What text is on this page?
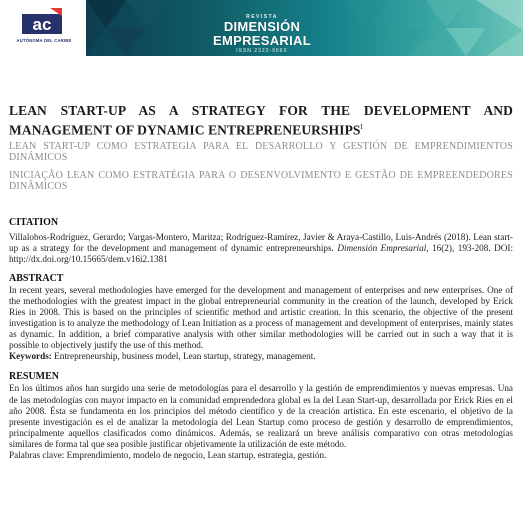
ac
AUTÓNOMA DEL CARIBE
REVISTA
DIMENSIÓN EMPRESARIAL
ISSN 2322-956X
LEAN START-UP AS A STRATEGY FOR THE DEVELOPMENT AND MANAGEMENT OF DYNAMIC $ENTREPRENEURSHIPS^I$

LEAN START-UP COMO ESTRATEGIA PARA EL DESARROLLO Y GESTIÓN DE EMPRENDIMIENTOS DINÁMICOS

INICIAÇÃO LEAN COMO ESTRATÉGIA PARA O DESENVOLVIMENTO E GESTÃO DE EMPREENDEDORES DINÂMICOS

CITATION

Villalobos-Rodríguez, Gerardo; Vargas-Montero, Maritza; Rodríguez-Ramírez, Javier & Araya-Castillo, Luis-Andrés (2018). Lean start-up as a strategy for the development and management of dynamic entrepreneurships. Dimensión Empresarial, 16(2), 193-208. DOI: http://dx.doi.org/10.15665/dem.v16i2.1381

ABSTRACT

In recent years, several methodologies have emerged for the development and management of enterprises and new enterprises. One of the methodologies with the greatest impact in the global entrepreneurial community in the creation of the launch, developed by Erick Ries in 2008. This is based on the principles of scientific method and artistic creation. In this scenario, the objective of the present investigation is to analyze the methodology of Lean Initiation as a process of management and development of enterprises, mainly states as dynamic. In addition, a brief comparative analysis with other similar methodologies will be carried out in such a way that it is possible to objectively justify the use of this method.

Keywords: Entrepreneurship, business model, Lean startup, strategy, management.

RESUMEN

En los últimos años han surgido una serie de metodologías para el desarrollo y la gestión de emprendimientos y nuevas empresas. Una de las metodologías con mayor impacto en la comunidad emprendedora global es la del Lean Start-up, desarrollada por Erick Ries en el año 2008. Ésta se fundamenta en los principios del método científico y de la creación artística. En este escenario, el objetivo de la presente investigación es el de analizar la metodología del Lean Startup como proceso de gestión y desarrollo de emprendimientos, principalmente aquellos clasificados como dinámicos. Además, se realizará un breve análisis comparativo con otras metodologías similares de forma tal que sea posible justificar objetivamente la utilización de este método.

Palabras clave: Emprendimiento, modelo de negocio, Lean startup, estrategia, gestión.
